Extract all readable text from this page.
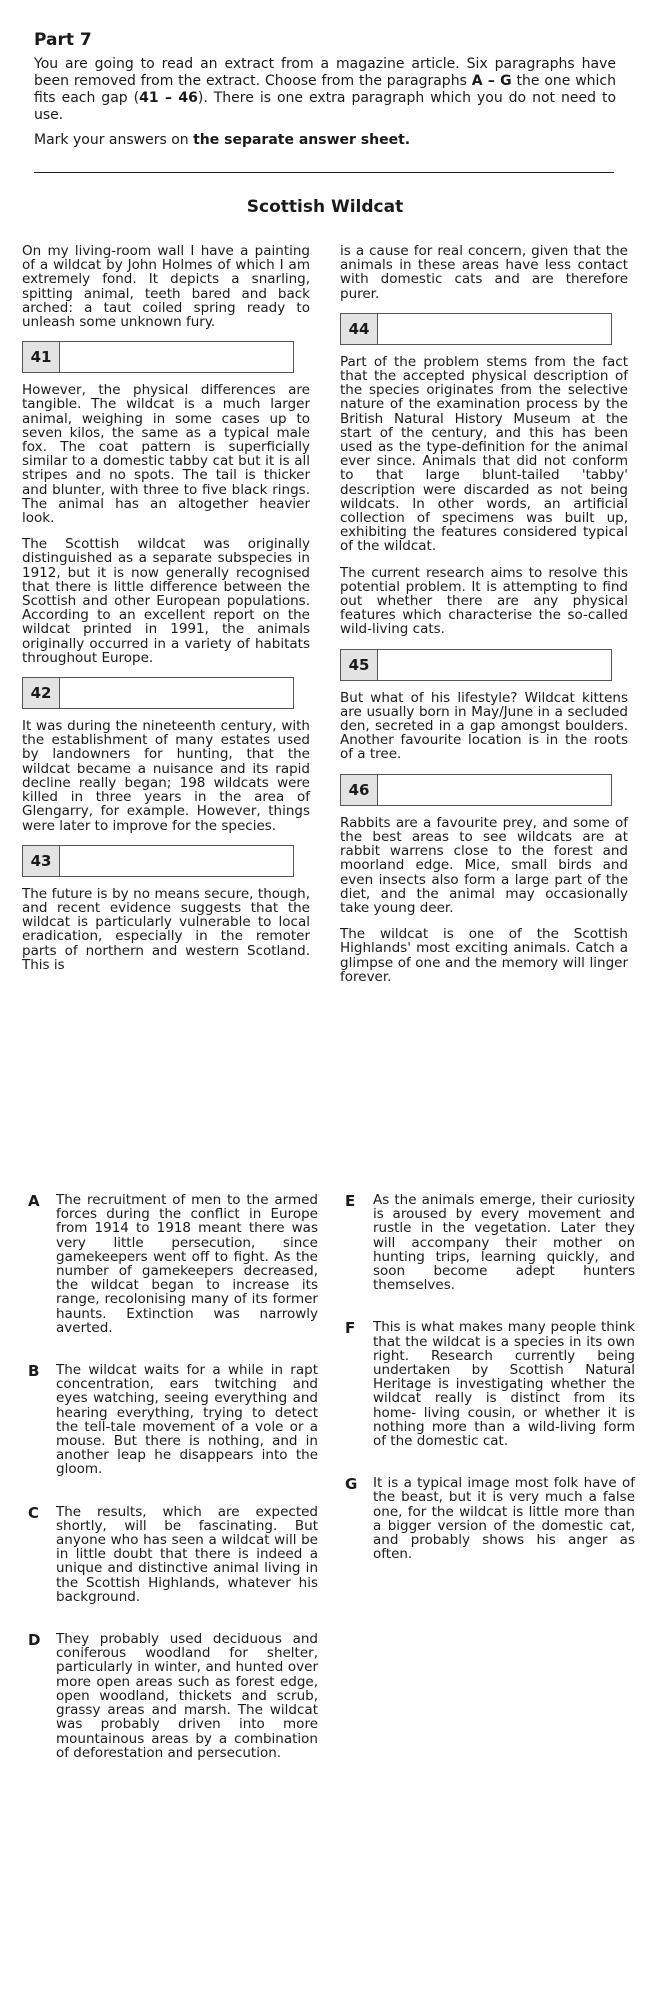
Part 7

You are going to read an extract from a magazine article. Six paragraphs have been removed from the extract. Choose from the paragraphs A – G the one which fits each gap (41 – 46). There is one extra paragraph which you do not need to use.

Mark your answers on the separate answer sheet.

Scottish Wildcat

On my living-room wall I have a painting of a wildcat by John Holmes of which I am extremely fond. It depicts a snarling, spitting animal, teeth bared and back arched: a taut coiled spring ready to unleash some unknown fury.

41

However, the physical differences are tangible. The wildcat is a much larger animal, weighing in some cases up to seven kilos, the same as a typical male fox. The coat pattern is superficially similar to a domestic tabby cat but it is all stripes and no spots. The tail is thicker and blunter, with three to five black rings. The animal has an altogether heavier look.

The Scottish wildcat was originally distinguished as a separate subspecies in 1912, but it is now generally recognised that there is little difference between the Scottish and other European populations. According to an excellent report on the wildcat printed in 1991, the animals originally occurred in a variety of habitats throughout Europe.

42

It was during the nineteenth century, with the establishment of many estates used by landowners for hunting, that the wildcat became a nuisance and its rapid decline really began; 198 wildcats were killed in three years in the area of Glengarry, for example. However, things were later to improve for the species.

43

The future is by no means secure, though, and recent evidence suggests that the wildcat is particularly vulnerable to local eradication, especially in the remoter parts of northern and western Scotland. This is

is a cause for real concern, given that the animals in these areas have less contact with domestic cats and are therefore purer.

44

Part of the problem stems from the fact that the accepted physical description of the species originates from the selective nature of the examination process by the British Natural History Museum at the start of the century, and this has been used as the type-definition for the animal ever since. Animals that did not conform to that large blunt-tailed 'tabby' description were discarded as not being wildcats. In other words, an artificial collection of specimens was built up, exhibiting the features considered typical of the wildcat.

The current research aims to resolve this potential problem. It is attempting to find out whether there are any physical features which characterise the so-called wild-living cats.

45

But what of his lifestyle? Wildcat kittens are usually born in May/June in a secluded den, secreted in a gap amongst boulders. Another favourite location is in the roots of a tree.

46

Rabbits are a favourite prey, and some of the best areas to see wildcats are at rabbit warrens close to the forest and moorland edge. Mice, small birds and even insects also form a large part of the diet, and the animal may occasionally take young deer.

The wildcat is one of the Scottish Highlands' most exciting animals. Catch a glimpse of one and the memory will linger forever.

A	The recruitment of men to the armed forces during the conflict in Europe from 1914 to 1918 meant there was very little persecution, since gamekeepers went off to fight. As the number of gamekeepers decreased, the wildcat began to increase its range, recolonising many of its former haunts. Extinction was narrowly averted.
B	The wildcat waits for a while in rapt concentration, ears twitching and eyes watching, seeing everything and hearing everything, trying to detect the tell-tale movement of a vole or a mouse. But there is nothing, and in another leap he disappears into the gloom.
C	The results, which are expected shortly, will be fascinating. But anyone who has seen a wildcat will be in little doubt that there is indeed a unique and distinctive animal living in the Scottish Highlands, whatever his background.
D	They probably used deciduous and coniferous woodland for shelter, particularly in winter, and hunted over more open areas such as forest edge, open woodland, thickets and scrub, grassy areas and marsh. The wildcat was probably driven into more mountainous areas by a combination of deforestation and persecution.
E	As the animals emerge, their curiosity is aroused by every movement and rustle in the vegetation. Later they will accompany their mother on hunting trips, learning quickly, and soon become adept hunters themselves.
F	This is what makes many people think that the wildcat is a species in its own right. Research currently being undertaken by Scottish Natural Heritage is investigating whether the wildcat really is distinct from its home- living cousin, or whether it is nothing more than a wild-living form of the domestic cat.
G	It is a typical image most folk have of the beast, but it is very much a false one, for the wildcat is little more than a bigger version of the domestic cat, and probably shows his anger as often.
